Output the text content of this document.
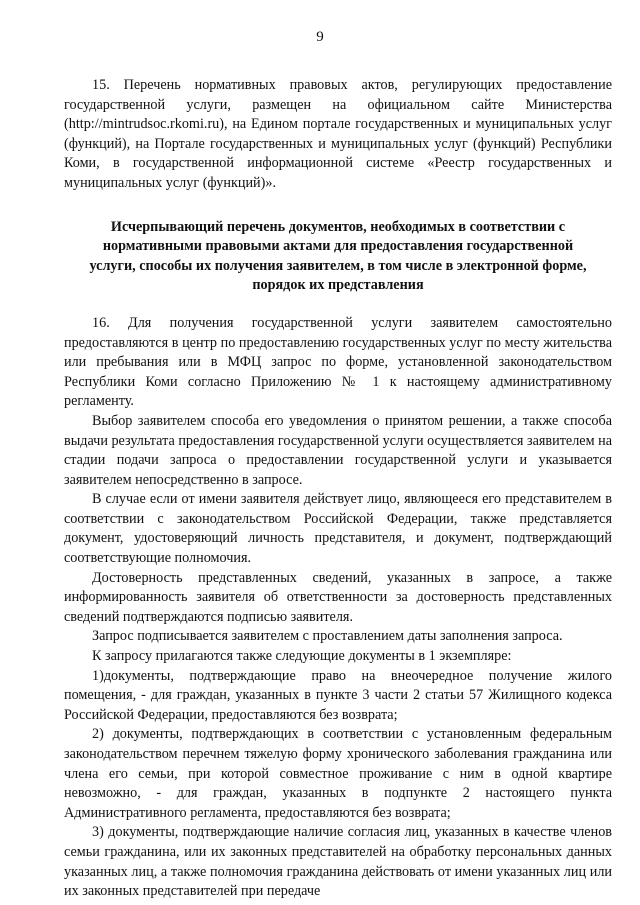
9

15. Перечень нормативных правовых актов, регулирующих предоставление государственной услуги, размещен на официальном сайте Министерства (http://mintrudsoc.rkomi.ru), на Едином портале государственных и муниципальных услуг (функций), на Портале государственных и муниципальных услуг (функций) Республики Коми, в государственной информационной системе «Реестр государственных и муниципальных услуг (функций)».

Исчерпывающий перечень документов, необходимых в соответствии с нормативными правовыми актами для предоставления государственной услуги, способы их получения заявителем, в том числе в электронной форме, порядок их представления

16. Для получения государственной услуги заявителем самостоятельно предоставляются в центр по предоставлению государственных услуг по месту жительства или пребывания или в МФЦ запрос по форме, установленной законодательством Республики Коми согласно Приложению № 1 к настоящему административному регламенту.

Выбор заявителем способа его уведомления о принятом решении, а также способа выдачи результата предоставления государственной услуги осуществляется заявителем на стадии подачи запроса о предоставлении государственной услуги и указывается заявителем непосредственно в запросе.

В случае если от имени заявителя действует лицо, являющееся его представителем в соответствии с законодательством Российской Федерации, также представляется документ, удостоверяющий личность представителя, и документ, подтверждающий соответствующие полномочия.

Достоверность представленных сведений, указанных в запросе, а также информированность заявителя об ответственности за достоверность представленных сведений подтверждаются подписью заявителя.

Запрос подписывается заявителем с проставлением даты заполнения запроса.

К запросу прилагаются также следующие документы в 1 экземпляре:

1)документы, подтверждающие право на внеочередное получение жилого помещения, - для граждан, указанных в пункте 3 части 2 статьи 57 Жилищного кодекса Российской Федерации, предоставляются без возврата;

2) документы, подтверждающих в соответствии с установленным федеральным законодательством перечнем тяжелую форму хронического заболевания гражданина или члена его семьи, при которой совместное проживание с ним в одной квартире невозможно, - для граждан, указанных в подпункте 2 настоящего пункта Административного регламента, предоставляются без возврата;

3) документы, подтверждающие наличие согласия лиц, указанных в качестве членов семьи гражданина, или их законных представителей на обработку персональных данных указанных лиц, а также полномочия гражданина действовать от имени указанных лиц или их законных представителей при передаче
